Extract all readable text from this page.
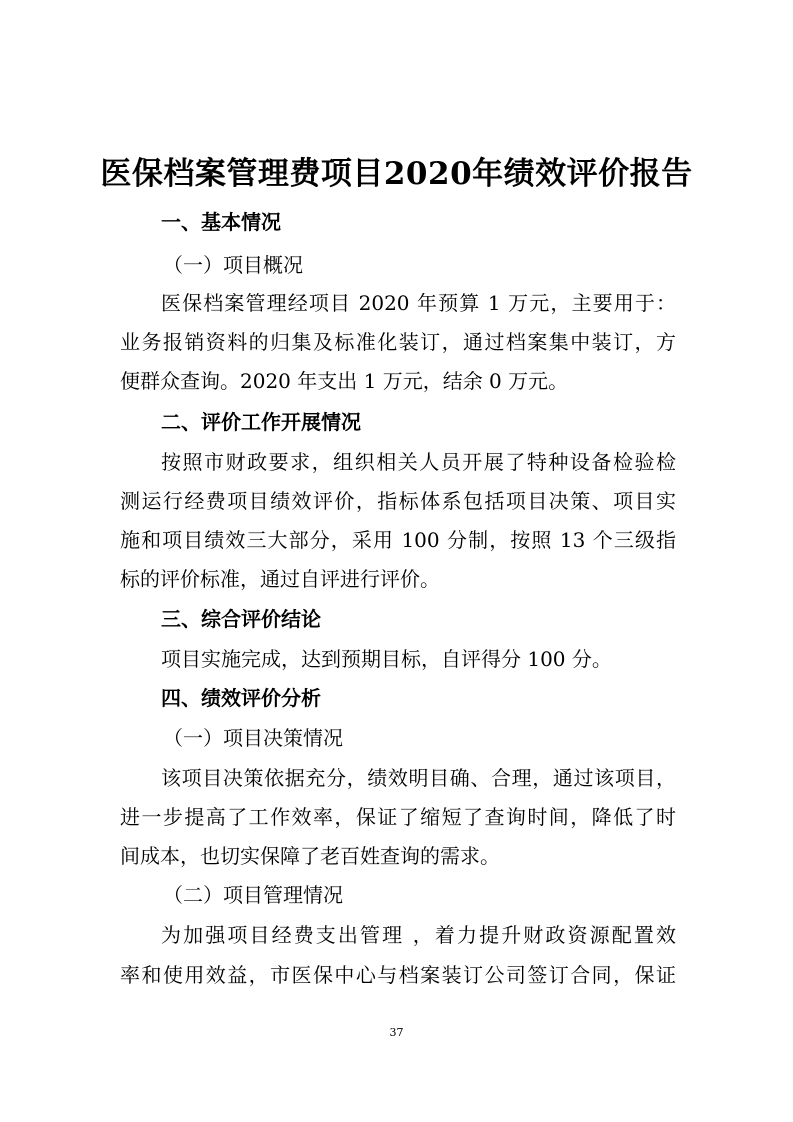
医保档案管理费项目2020年绩效评价报告
一、基本情况
（一）项目概况
医保档案管理经项目 2020 年预算 1 万元，主要用于：
业务报销资料的归集及标准化装订，通过档案集中装订，方
便群众查询。2020 年支出 1 万元，结余 0 万元。
二、评价工作开展情况
按照市财政要求，组织相关人员开展了特种设备检验检
测运行经费项目绩效评价，指标体系包括项目决策、项目实
施和项目绩效三大部分，采用 100 分制，按照 13 个三级指
标的评价标准，通过自评进行评价。
三、综合评价结论
项目实施完成，达到预期目标，自评得分 100 分。
四、绩效评价分析
（一）项目决策情况
该项目决策依据充分，绩效明目确、合理，通过该项目，
进一步提高了工作效率，保证了缩短了查询时间，降低了时
间成本，也切实保障了老百姓查询的需求。
（二）项目管理情况
为加强项目经费支出管理 ，着力提升财政资源配置效
率和使用效益，市医保中心与档案装订公司签订合同，保证
37
